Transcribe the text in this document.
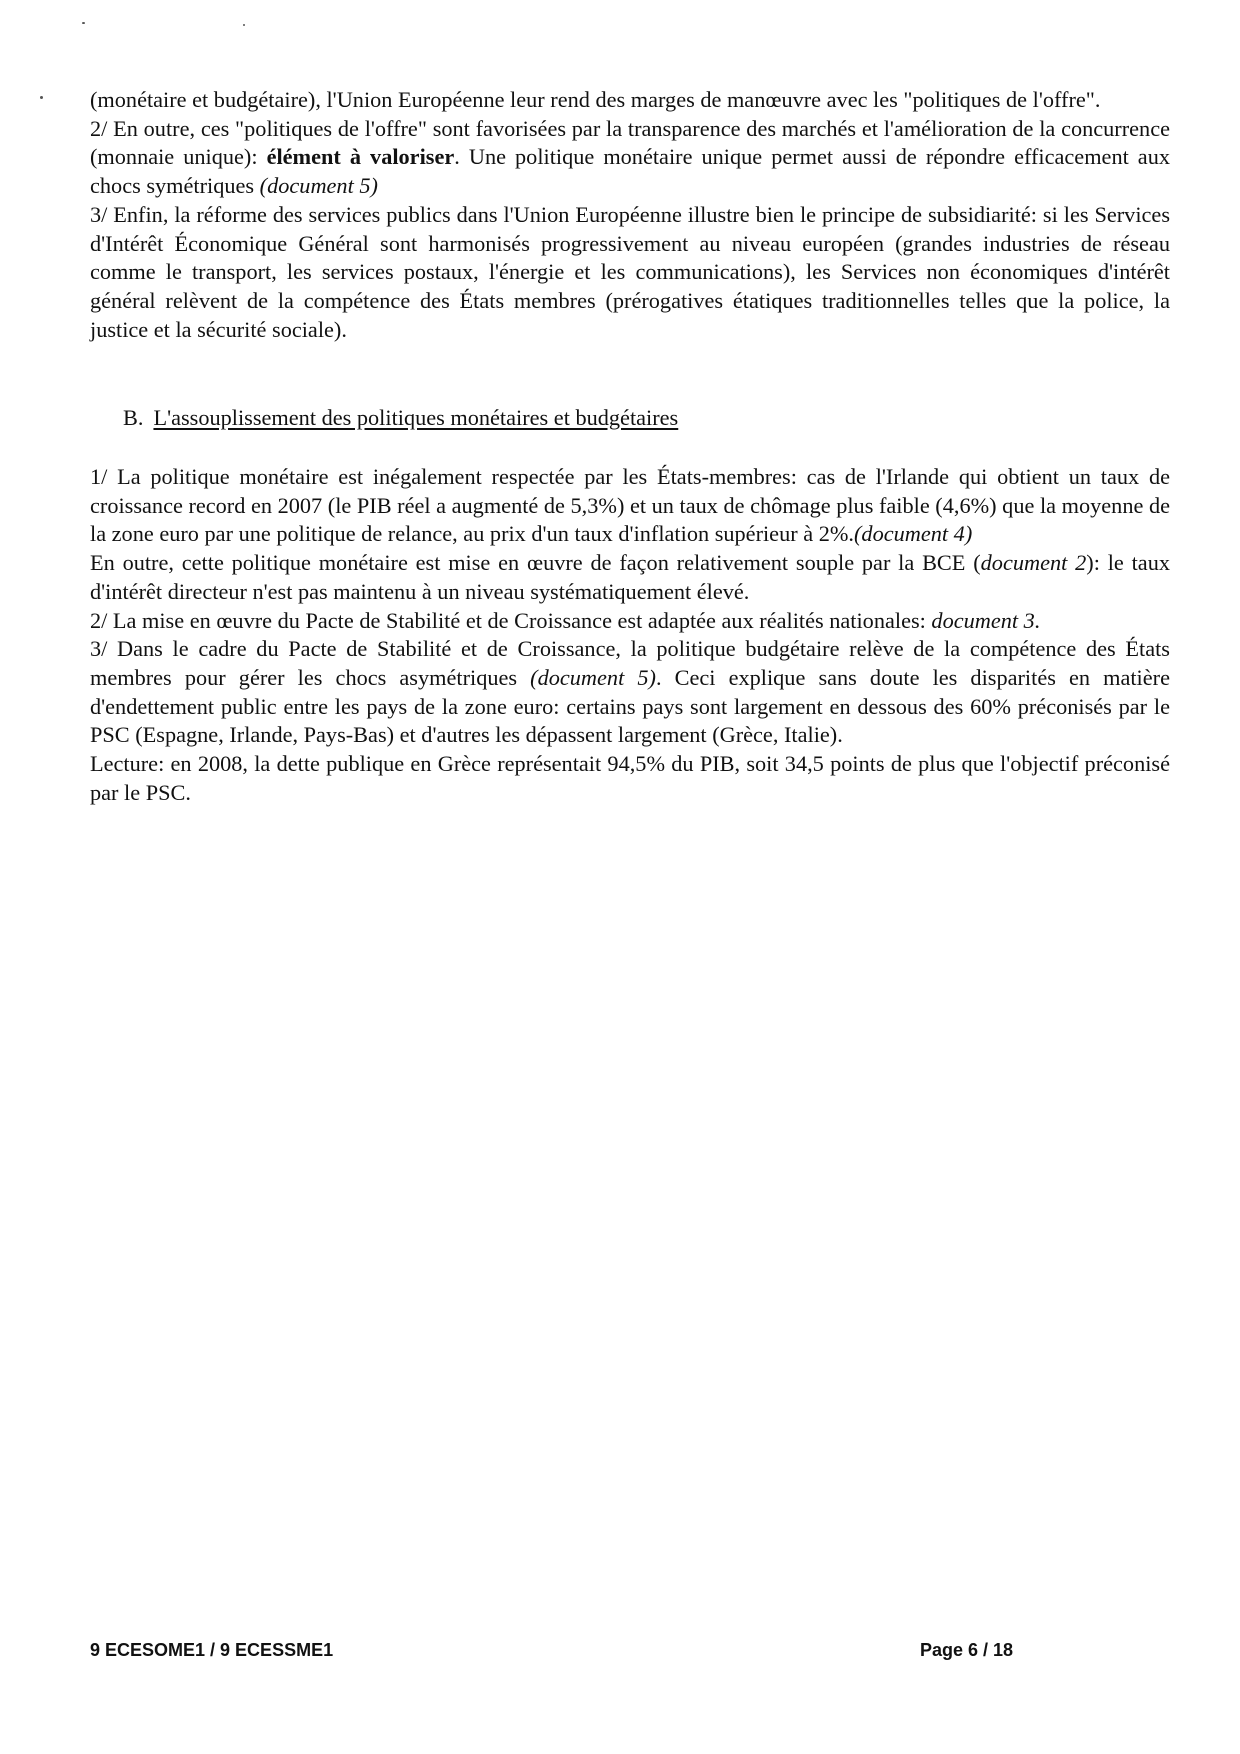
(monétaire et budgétaire), l'Union Européenne leur rend des marges de manœuvre avec les "politiques de l'offre".

2/ En outre, ces "politiques de l'offre" sont favorisées par la transparence des marchés et l'amélioration de la concurrence (monnaie unique): élément à valoriser. Une politique monétaire unique permet aussi de répondre efficacement aux chocs symétriques (document 5)

3/ Enfin, la réforme des services publics dans l'Union Européenne illustre bien le principe de subsidiarité: si les Services d'Intérêt Économique Général sont harmonisés progressivement au niveau européen (grandes industries de réseau comme le transport, les services postaux, l'énergie et les communications), les Services non économiques d'intérêt général relèvent de la compétence des États membres (prérogatives étatiques traditionnelles telles que la police, la justice et la sécurité sociale).

B. L'assouplissement des politiques monétaires et budgétaires

1/ La politique monétaire est inégalement respectée par les États-membres: cas de l'Irlande qui obtient un taux de croissance record en 2007 (le PIB réel a augmenté de 5,3%) et un taux de chômage plus faible (4,6%) que la moyenne de la zone euro par une politique de relance, au prix d'un taux d'inflation supérieur à 2%.(document 4)

En outre, cette politique monétaire est mise en œuvre de façon relativement souple par la BCE (document 2): le taux d'intérêt directeur n'est pas maintenu à un niveau systématiquement élevé.

2/ La mise en œuvre du Pacte de Stabilité et de Croissance est adaptée aux réalités nationales: document 3.

3/ Dans le cadre du Pacte de Stabilité et de Croissance, la politique budgétaire relève de la compétence des États membres pour gérer les chocs asymétriques (document 5). Ceci explique sans doute les disparités en matière d'endettement public entre les pays de la zone euro: certains pays sont largement en dessous des 60% préconisés par le PSC (Espagne, Irlande, Pays-Bas) et d'autres les dépassent largement (Grèce, Italie).

Lecture: en 2008, la dette publique en Grèce représentait 94,5% du PIB, soit 34,5 points de plus que l'objectif préconisé par le PSC.

9 ECESOME1 / 9 ECESSME1	Page 6 / 18
